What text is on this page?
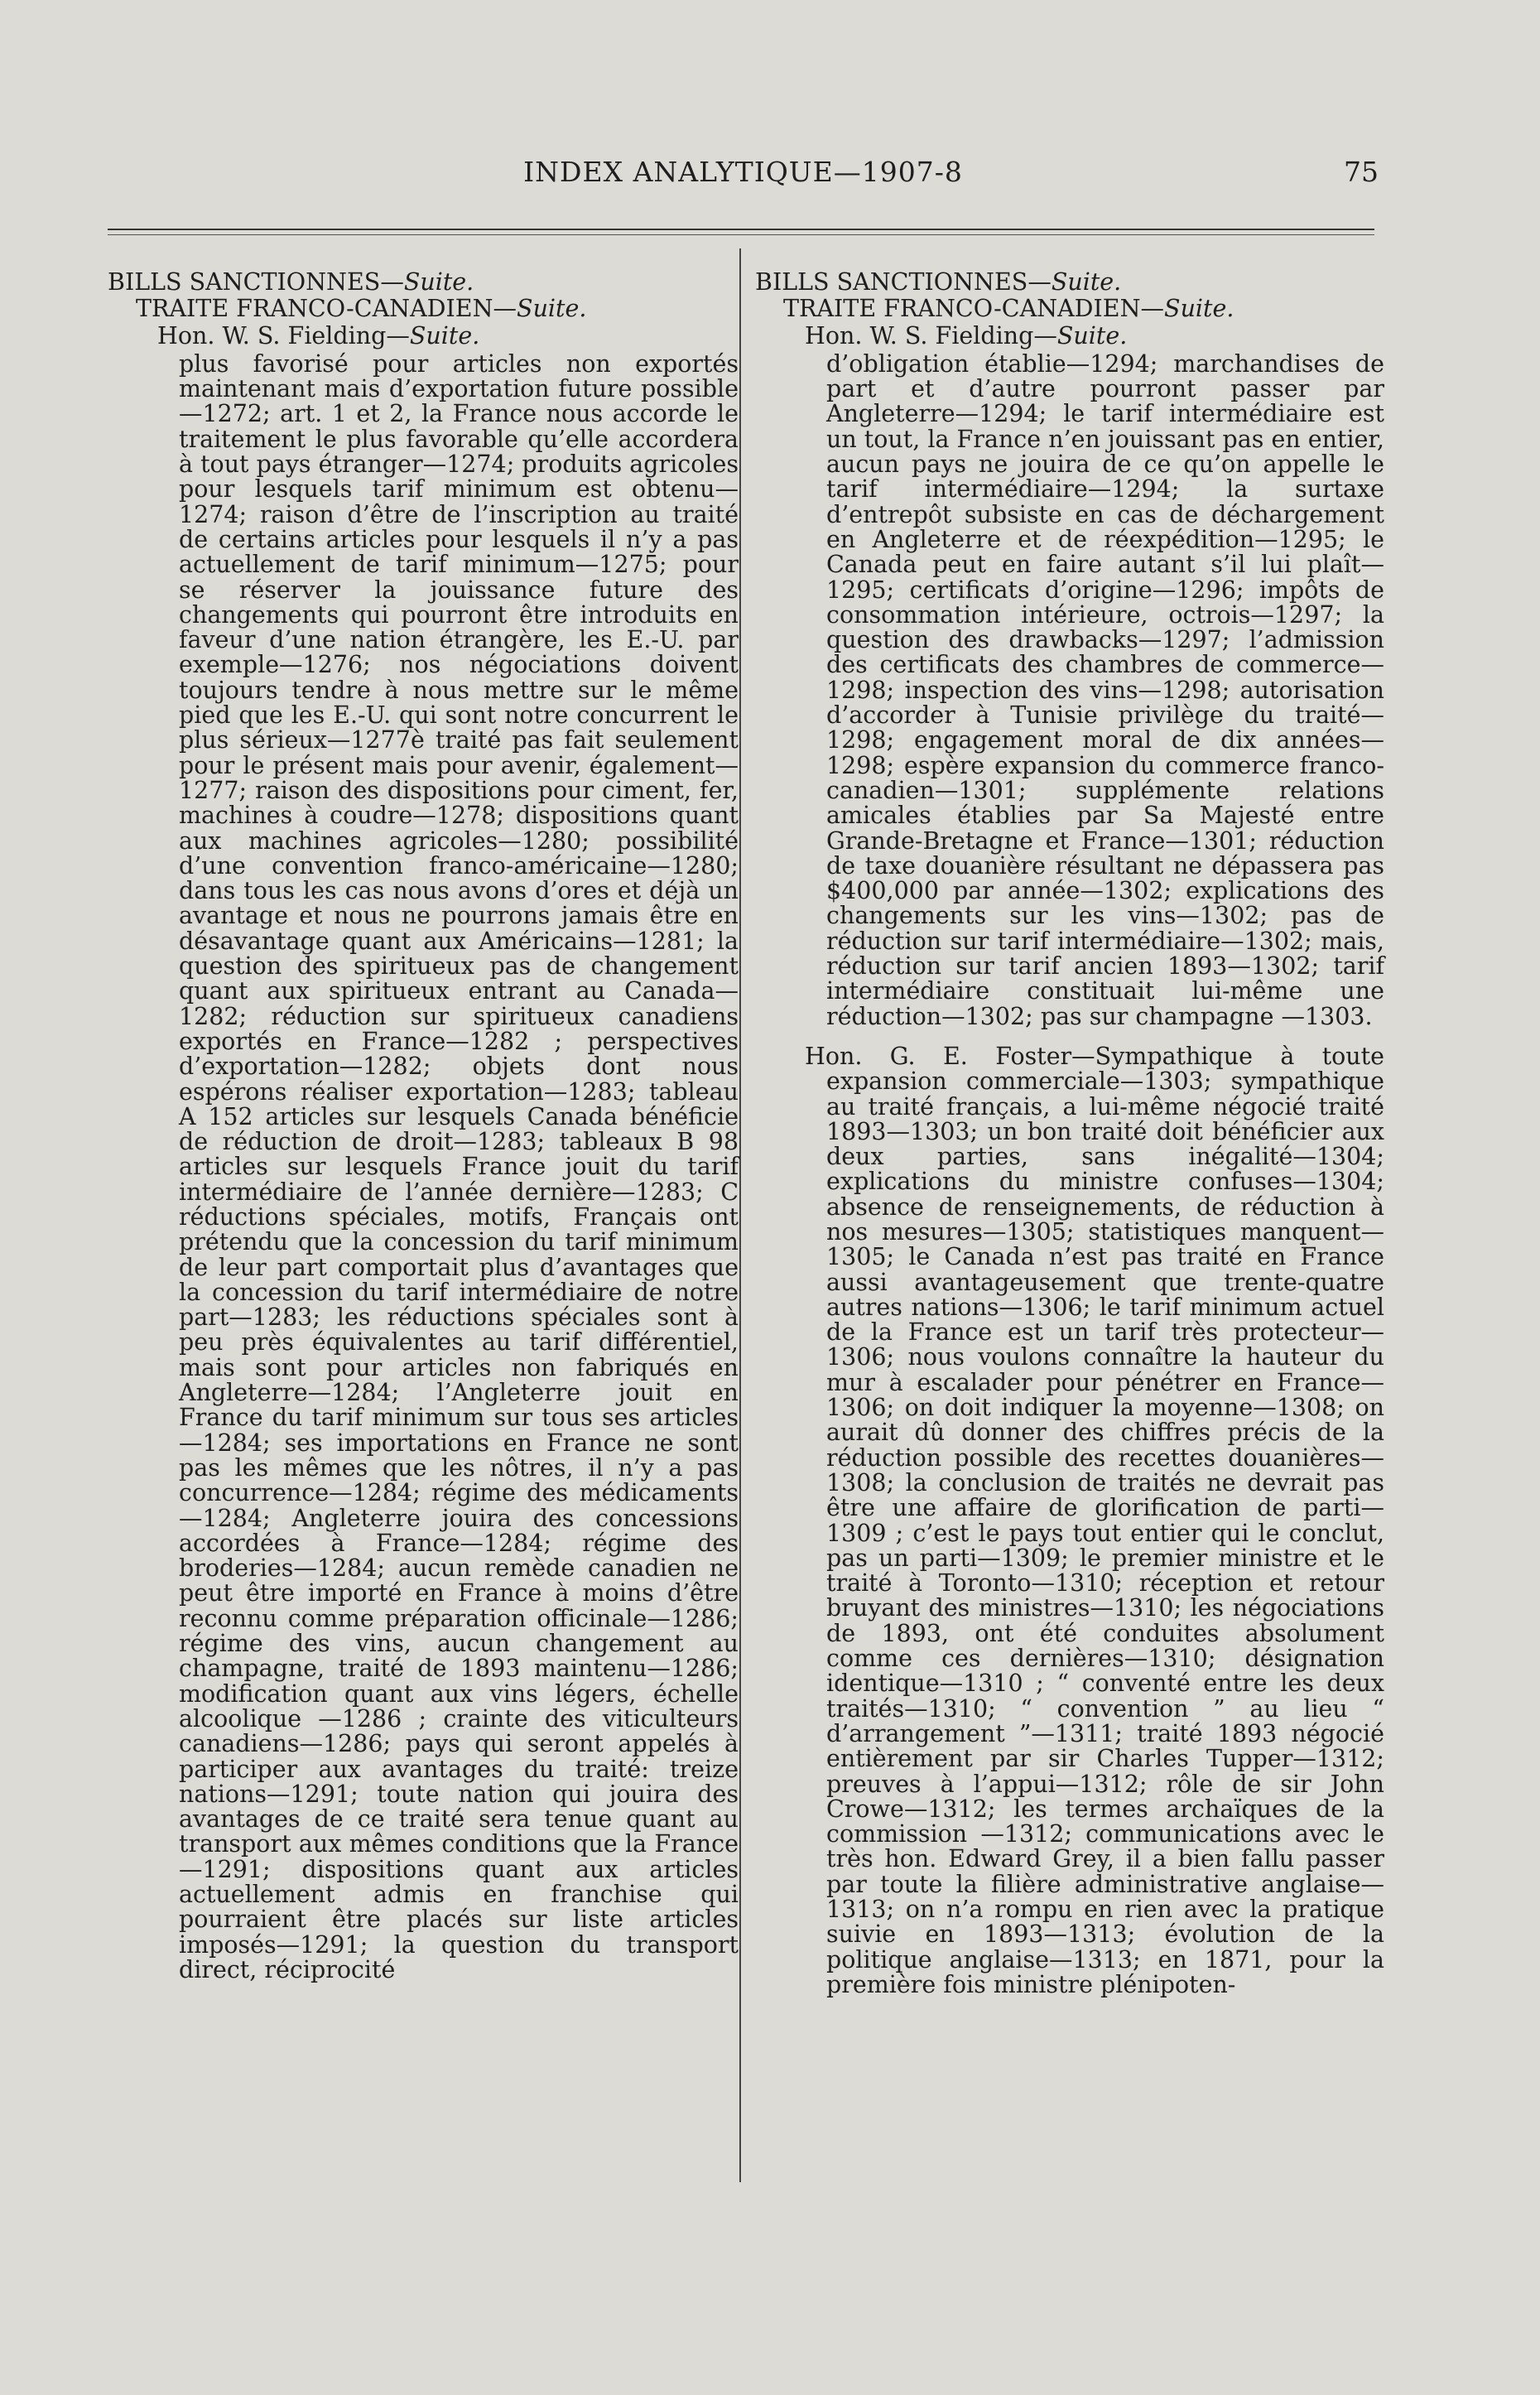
INDEX ANALYTIQUE—1907-8	75
BILLS SANCTIONNES—Suite.
TRAITE FRANCO-CANADIEN—Suite.
Hon. W. S. Fielding—Suite.
plus favorisé pour articles non exportés maintenant mais d’exportation future possible—1272; art. 1 et 2, la France nous accorde le traitement le plus favorable qu’elle accordera à tout pays étranger—1274; produits agricoles pour lesquels tarif minimum est obtenu—1274; raison d’être de l’inscription au traité de certains articles pour lesquels il n’y a pas actuellement de tarif minimum—1275; pour se réserver la jouissance future des changements qui pourront être introduits en faveur d’une nation étrangère, les E.-U. par exemple—1276; nos négociations doivent toujours tendre à nous mettre sur le même pied que les E.-U. qui sont notre concurrent le plus sérieux—1277è traité pas fait seulement pour le présent mais pour avenir, également—1277; raison des dispositions pour ciment, fer, machines à coudre—1278; dispositions quant aux machines agricoles—1280; possibilité d’une convention franco-américaine—1280; dans tous les cas nous avons d’ores et déjà un avantage et nous ne pourrons jamais être en désavantage quant aux Américains—1281; la question des spiritueux pas de changement quant aux spiritueux entrant au Canada—1282; réduction sur spiritueux canadiens exportés en France—1282 ; perspectives d’exportation—1282; objets dont nous espérons réaliser exportation—1283; tableau A 152 articles sur lesquels Canada bénéficie de réduction de droit—1283; tableaux B 98 articles sur lesquels France jouit du tarif intermédiaire de l’année dernière—1283; C réductions spéciales, motifs, Français ont prétendu que la concession du tarif minimum de leur part comportait plus d’avantages que la concession du tarif intermédiaire de notre part—1283; les réductions spéciales sont à peu près équivalentes au tarif différentiel, mais sont pour articles non fabriqués en Angleterre—1284; l’Angleterre jouit en France du tarif minimum sur tous ses articles —1284; ses importations en France ne sont pas les mêmes que les nôtres, il n’y a pas concurrence—1284; régime des médicaments—1284; Angleterre jouira des concessions accordées à France—1284; régime des broderies—1284; aucun remède canadien ne peut être importé en France à moins d’être reconnu comme préparation officinale—1286; régime des vins, aucun changement au champagne, traité de 1893 maintenu—1286; modification quant aux vins légers, échelle alcoolique —1286 ; crainte des viticulteurs canadiens—1286; pays qui seront appelés à participer aux avantages du traité: treize nations—1291; toute nation qui jouira des avantages de ce traité sera tenue quant au transport aux mêmes conditions que la France—1291; dispositions quant aux articles actuellement admis en franchise qui pourraient être placés sur liste articles imposés—1291; la question du transport direct, réciprocité
BILLS SANCTIONNES—Suite.
TRAITE FRANCO-CANADIEN—Suite.
Hon. W. S. Fielding—Suite.
d’obligation établie—1294; marchandises de part et d’autre pourront passer par Angleterre—1294; le tarif intermédiaire est un tout, la France n’en jouissant pas en entier, aucun pays ne jouira de ce qu’on appelle le tarif intermédiaire—1294; la surtaxe d’entrepôt subsiste en cas de déchargement en Angleterre et de réexpédition—1295; le Canada peut en faire autant s’il lui plaît—1295; certificats d’origine—1296; impôts de consommation intérieure, octrois—1297; la question des drawbacks—1297; l’admission des certificats des chambres de commerce—1298; inspection des vins—1298; autorisation d’accorder à Tunisie privilège du traité—1298; engagement moral de dix années—1298; espère expansion du commerce franco-canadien—1301; supplémente relations amicales établies par Sa Majesté entre Grande-Bretagne et France—1301; réduction de taxe douanière résultant ne dépassera pas $400,000 par année—1302; explications des changements sur les vins—1302; pas de réduction sur tarif intermédiaire—1302; mais, réduction sur tarif ancien 1893—1302; tarif intermédiaire constituait lui-même une réduction—1302; pas sur champagne —1303.
Hon. G. E. Foster—Sympathique à toute expansion commerciale—1303; sympathique au traité français, a lui-même négocié traité 1893—1303; un bon traité doit bénéficier aux deux parties, sans inégalité—1304; explications du ministre confuses—1304; absence de renseignements, de réduction à nos mesures—1305; statistiques manquent—1305; le Canada n’est pas traité en France aussi avantageusement que trente-quatre autres nations—1306; le tarif minimum actuel de la France est un tarif très protecteur—1306; nous voulons connaître la hauteur du mur à escalader pour pénétrer en France—1306; on doit indiquer la moyenne—1308; on aurait dû donner des chiffres précis de la réduction possible des recettes douanières—1308; la conclusion de traités ne devrait pas être une affaire de glorification de parti—1309 ; c’est le pays tout entier qui le conclut, pas un parti—1309; le premier ministre et le traité à Toronto—1310; réception et retour bruyant des ministres—1310; les négociations de 1893, ont été conduites absolument comme ces dernières—1310; désignation identique—1310 ; “ conventé entre les deux traités—1310; “ convention ” au lieu “ d’arrangement ”—1311; traité 1893 négocié entièrement par sir Charles Tupper—1312; preuves à l’appui—1312; rôle de sir John Crowe—1312; les termes archaïques de la commission —1312; communications avec le très hon. Edward Grey, il a bien fallu passer par toute la filière administrative anglaise—1313; on n’a rompu en rien avec la pratique suivie en 1893—1313; évolution de la politique anglaise—1313; en 1871, pour la première fois ministre plénipoten-
